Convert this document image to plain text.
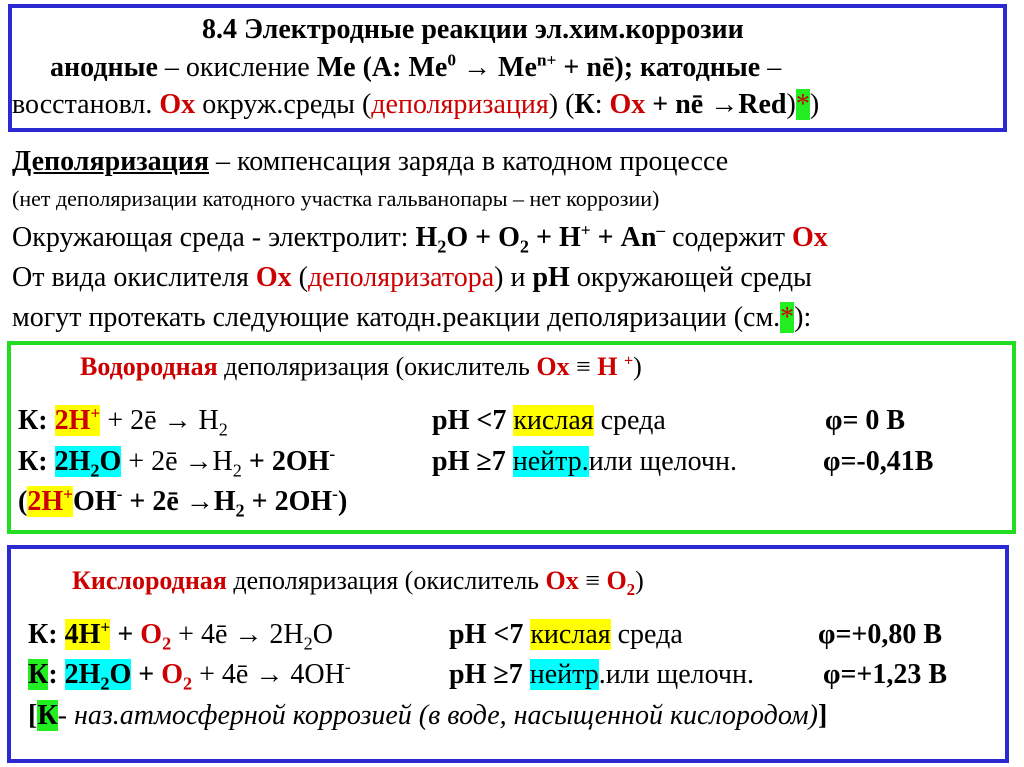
8.4 Электродные реакции эл.хим.коррозии
анодные – окисление Me (А: $Me^0 \to Me^{n+}$ + nē); катодные –
восстановл. Ox окруж.среды (деполяризация) (К: Ox + nē →Red)*)
Деполяризация – компенсация заряда в катодном процессе
(нет деполяризации катодного участка гальванопары – нет коррозии)
Окружающая среда - электролит: $H_2O + O_2 + H^+ + An^-$ содержит Ox
От вида окислителя Ox (деполяризатора) и pH окружающей среды
могут протекать следующие катодн.реакции деполяризации (см.*):
Водородная деполяризация (окислитель Ox ≡ H +)
К: 2H+ + 2ē → $H_2$	pH <7 кислая среда	φ= 0 В
К: $2H_2O$ + 2ē $\to H_2 + 2OH^-$	pH ≥7 нейтр.или щелочн.	φ=-0,41В
(2H+OH- + 2ē $\to H_2 + 2OH^-$)
Кислородная деполяризация (окислитель $Ox \equiv O_2$)
К: $4H^+ + O_2$ + 4ē → $2H_2O$	pH <7 кислая среда	φ=+0,80 В
К: $2H_2O + O_2$ + 4ē → 4OH-	pH ≥7 нейтр.или щелочн. φ=+1,23 В
[К- наз.атмосферной коррозией (в воде, насыщенной кислородом)]
